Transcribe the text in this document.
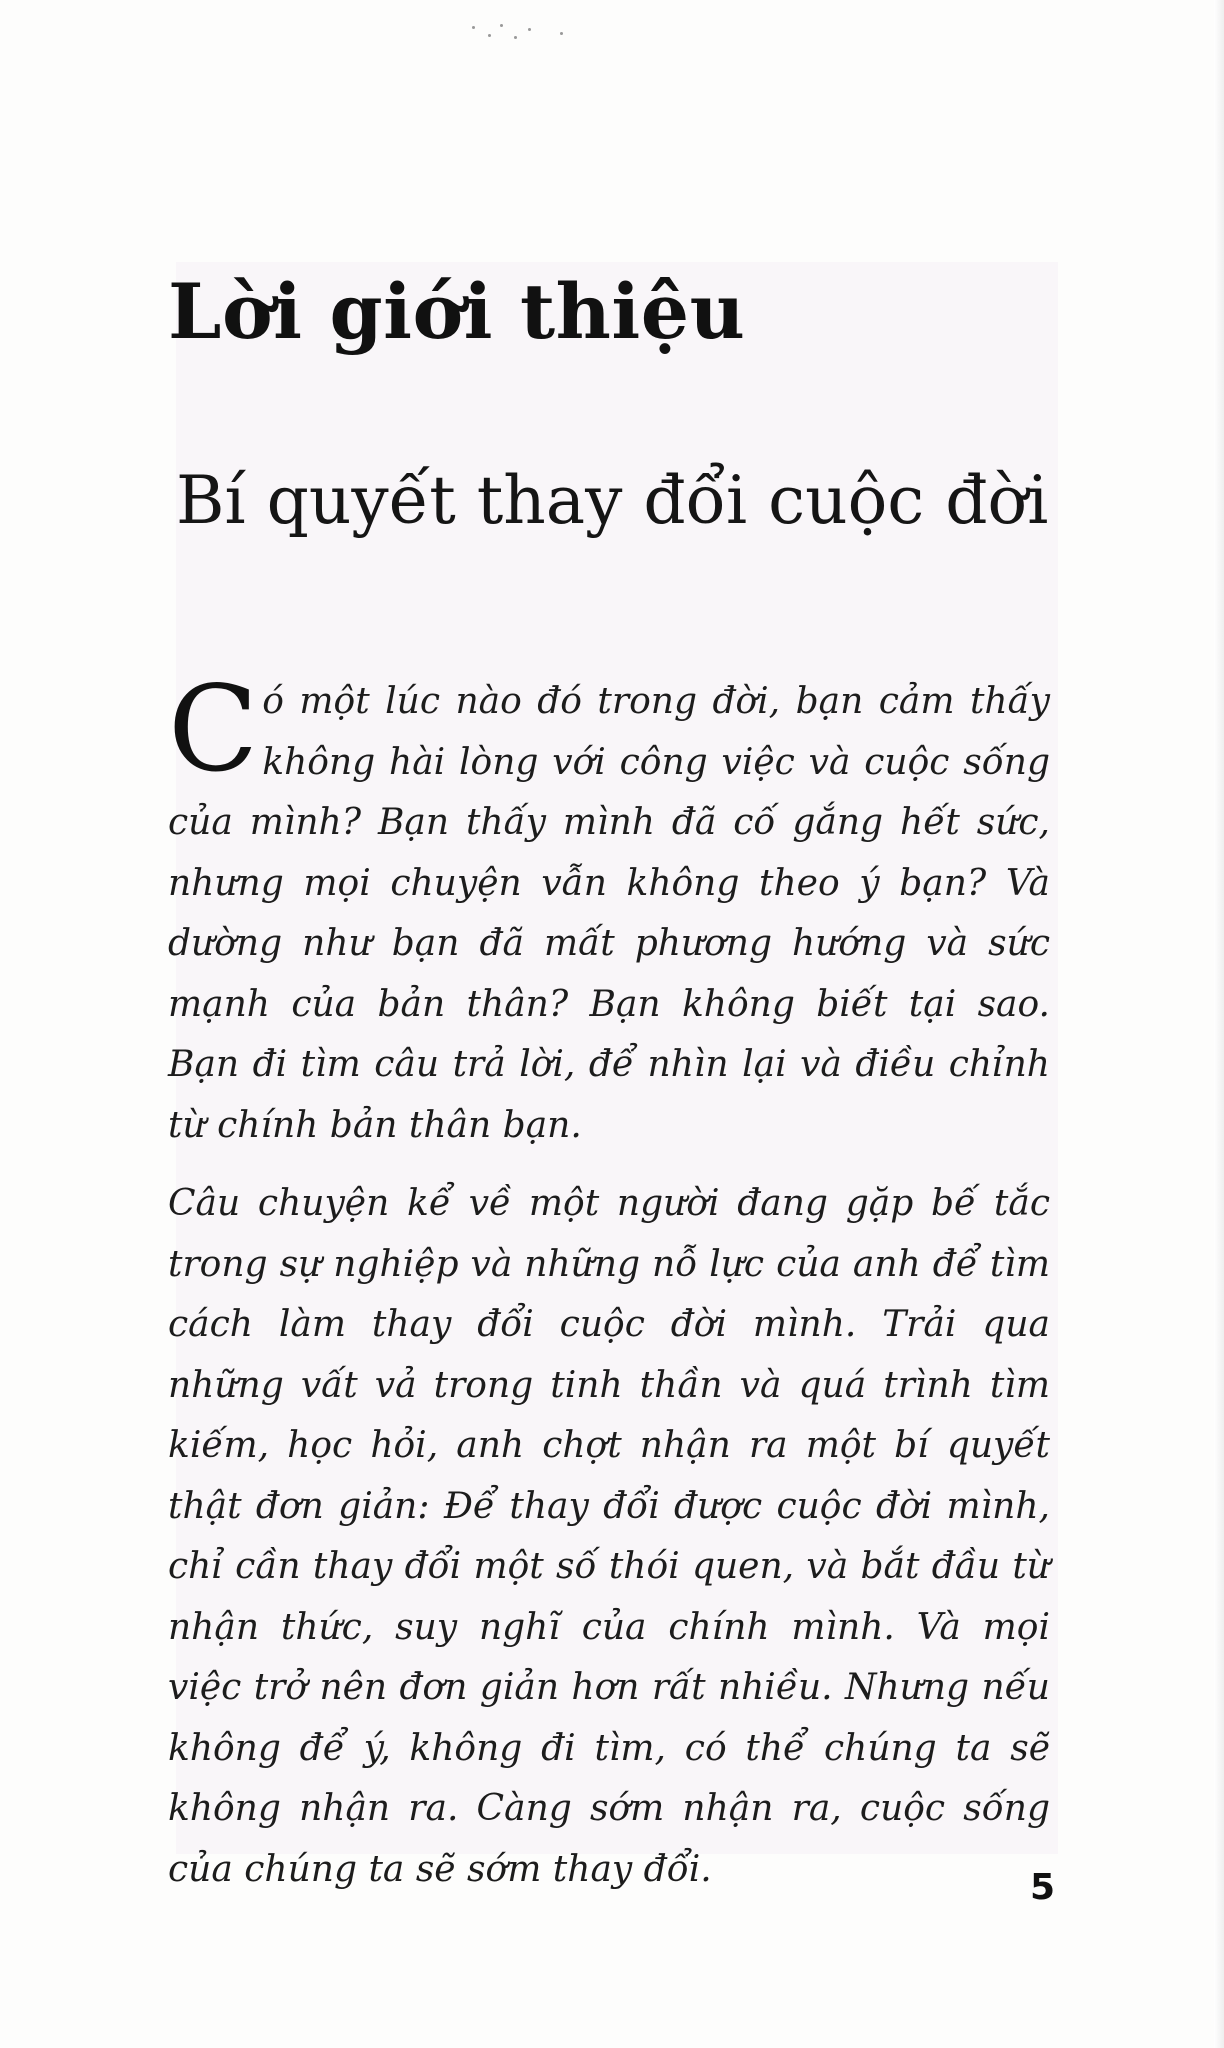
Lời giới thiệu
Bí quyết thay đổi cuộc đời

Có một lúc nào đó trong đời, bạn cảm thấy không hài lòng với công việc và cuộc sống của mình? Bạn thấy mình đã cố gắng hết sức, nhưng mọi chuyện vẫn không theo ý bạn? Và dường như bạn đã mất phương hướng và sức mạnh của bản thân? Bạn không biết tại sao. Bạn đi tìm câu trả lời, để nhìn lại và điều chỉnh từ chính bản thân bạn.

Câu chuyện kể về một người đang gặp bế tắc trong sự nghiệp và những nỗ lực của anh để tìm cách làm thay đổi cuộc đời mình. Trải qua những vất vả trong tinh thần và quá trình tìm kiếm, học hỏi, anh chợt nhận ra một bí quyết thật đơn giản: Để thay đổi được cuộc đời mình, chỉ cần thay đổi một số thói quen, và bắt đầu từ nhận thức, suy nghĩ của chính mình. Và mọi việc trở nên đơn giản hơn rất nhiều. Nhưng nếu không để ý, không đi tìm, có thể chúng ta sẽ không nhận ra. Càng sớm nhận ra, cuộc sống của chúng ta sẽ sớm thay đổi.	5
